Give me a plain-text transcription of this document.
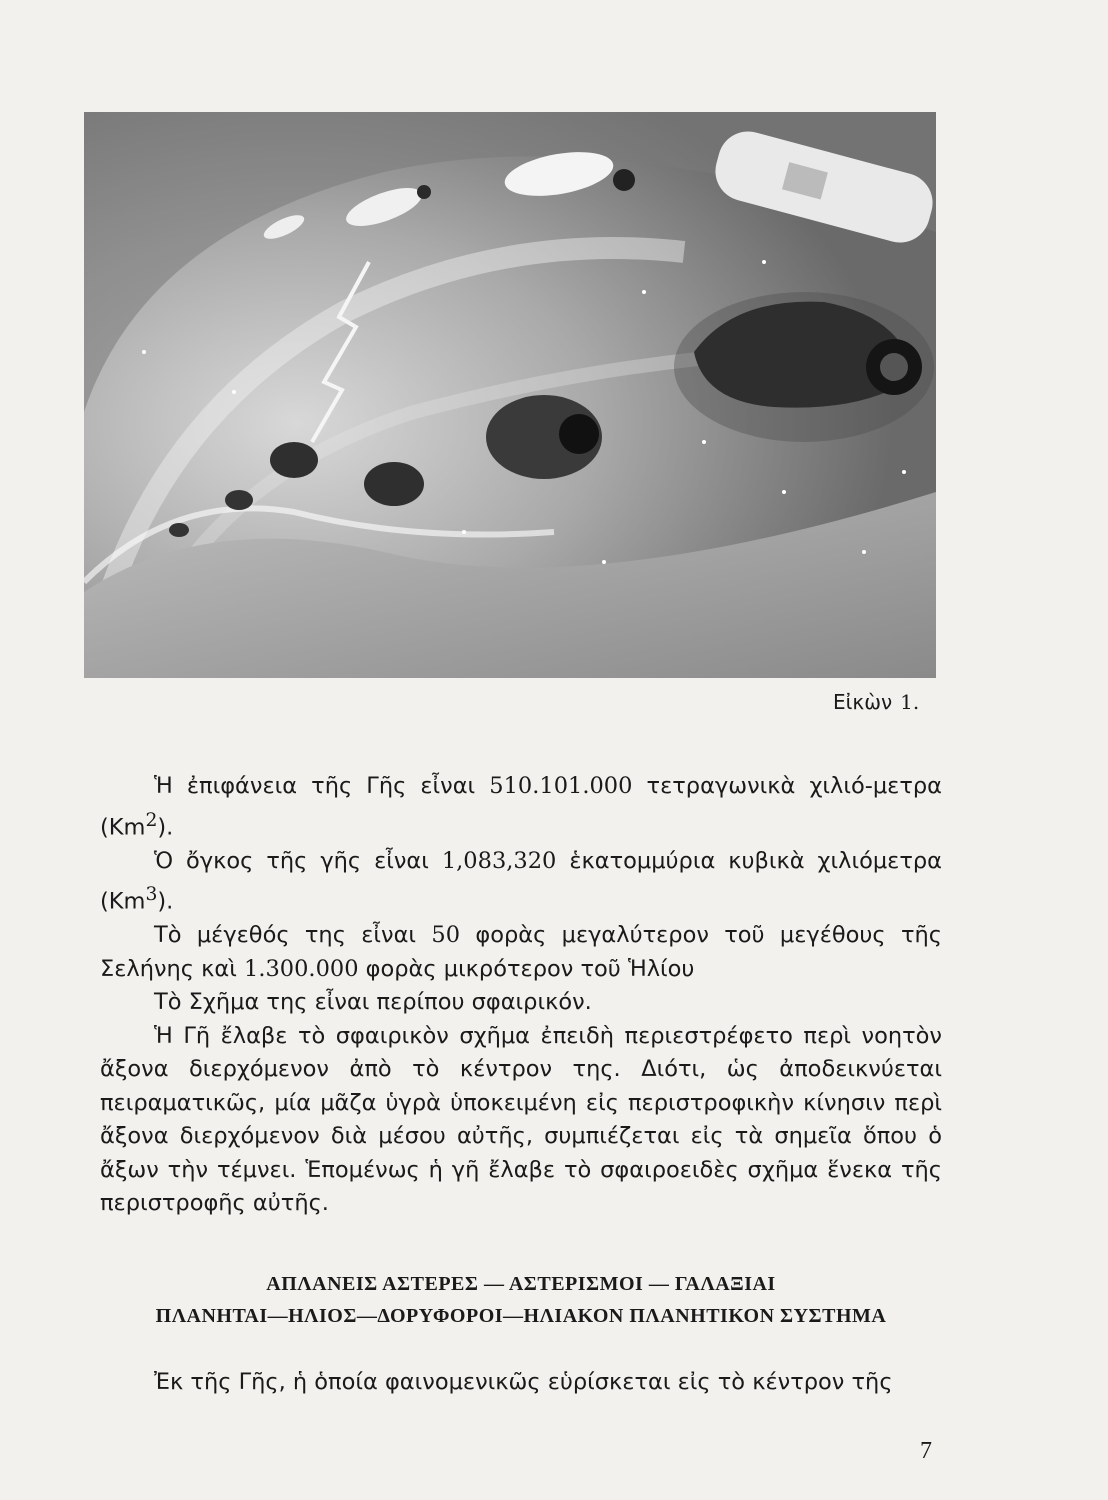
Εἰκὼν 1.

Ἡ ἐπιφάνεια τῆς Γῆς εἶναι 510.101.000 τετραγωνικὰ χιλιό-μετρα (Km$^2$).

Ὁ ὄγκος τῆς γῆς εἶναι 1,083,320 ἑκατομμύρια κυβικὰ χιλιόμετρα (Km$^3$).

Τὸ μέγεθός της εἶναι 50 φορὰς μεγαλύτερον τοῦ μεγέθους τῆς Σελήνης καὶ 1.300.000 φορὰς μικρότερον τοῦ Ἡλίου

Τὸ Σχῆμα της εἶναι περίπου σφαιρικόν.

Ἡ Γῆ ἔλαβε τὸ σφαιρικὸν σχῆμα ἐπειδὴ περιεστρέφετο περὶ νοητὸν ἄξονα διερχόμενον ἀπὸ τὸ κέντρον της. Διότι, ὡς ἀποδεικνύεται πειραματικῶς, μία μᾶζα ὑγρὰ ὑποκειμένη εἰς περιστροφικὴν κίνησιν περὶ ἄξονα διερχόμενον διὰ μέσου αὐτῆς, συμπιέζεται εἰς τὰ σημεῖα ὅπου ὁ ἄξων τὴν τέμνει. Ἑπομένως ἡ γῆ ἔλαβε τὸ σφαιροειδὲς σχῆμα ἕνεκα τῆς περιστροφῆς αὐτῆς.

ΑΠΛΑΝΕΙΣ ΑΣΤΕΡΕΣ — ΑΣΤΕΡΙΣΜΟΙ — ΓΑΛΑΞΙΑΙ
ΠΛΑΝΗΤΑΙ—ΗΛΙΟΣ—ΔΟΡΥΦΟΡΟΙ—ΗΛΙΑΚΟΝ ΠΛΑΝΗΤΙΚΟΝ ΣΥΣΤΗΜΑ

Ἐκ τῆς Γῆς, ἡ ὁποία φαινομενικῶς εὑρίσκεται εἰς τὸ κέντρον τῆς

7
